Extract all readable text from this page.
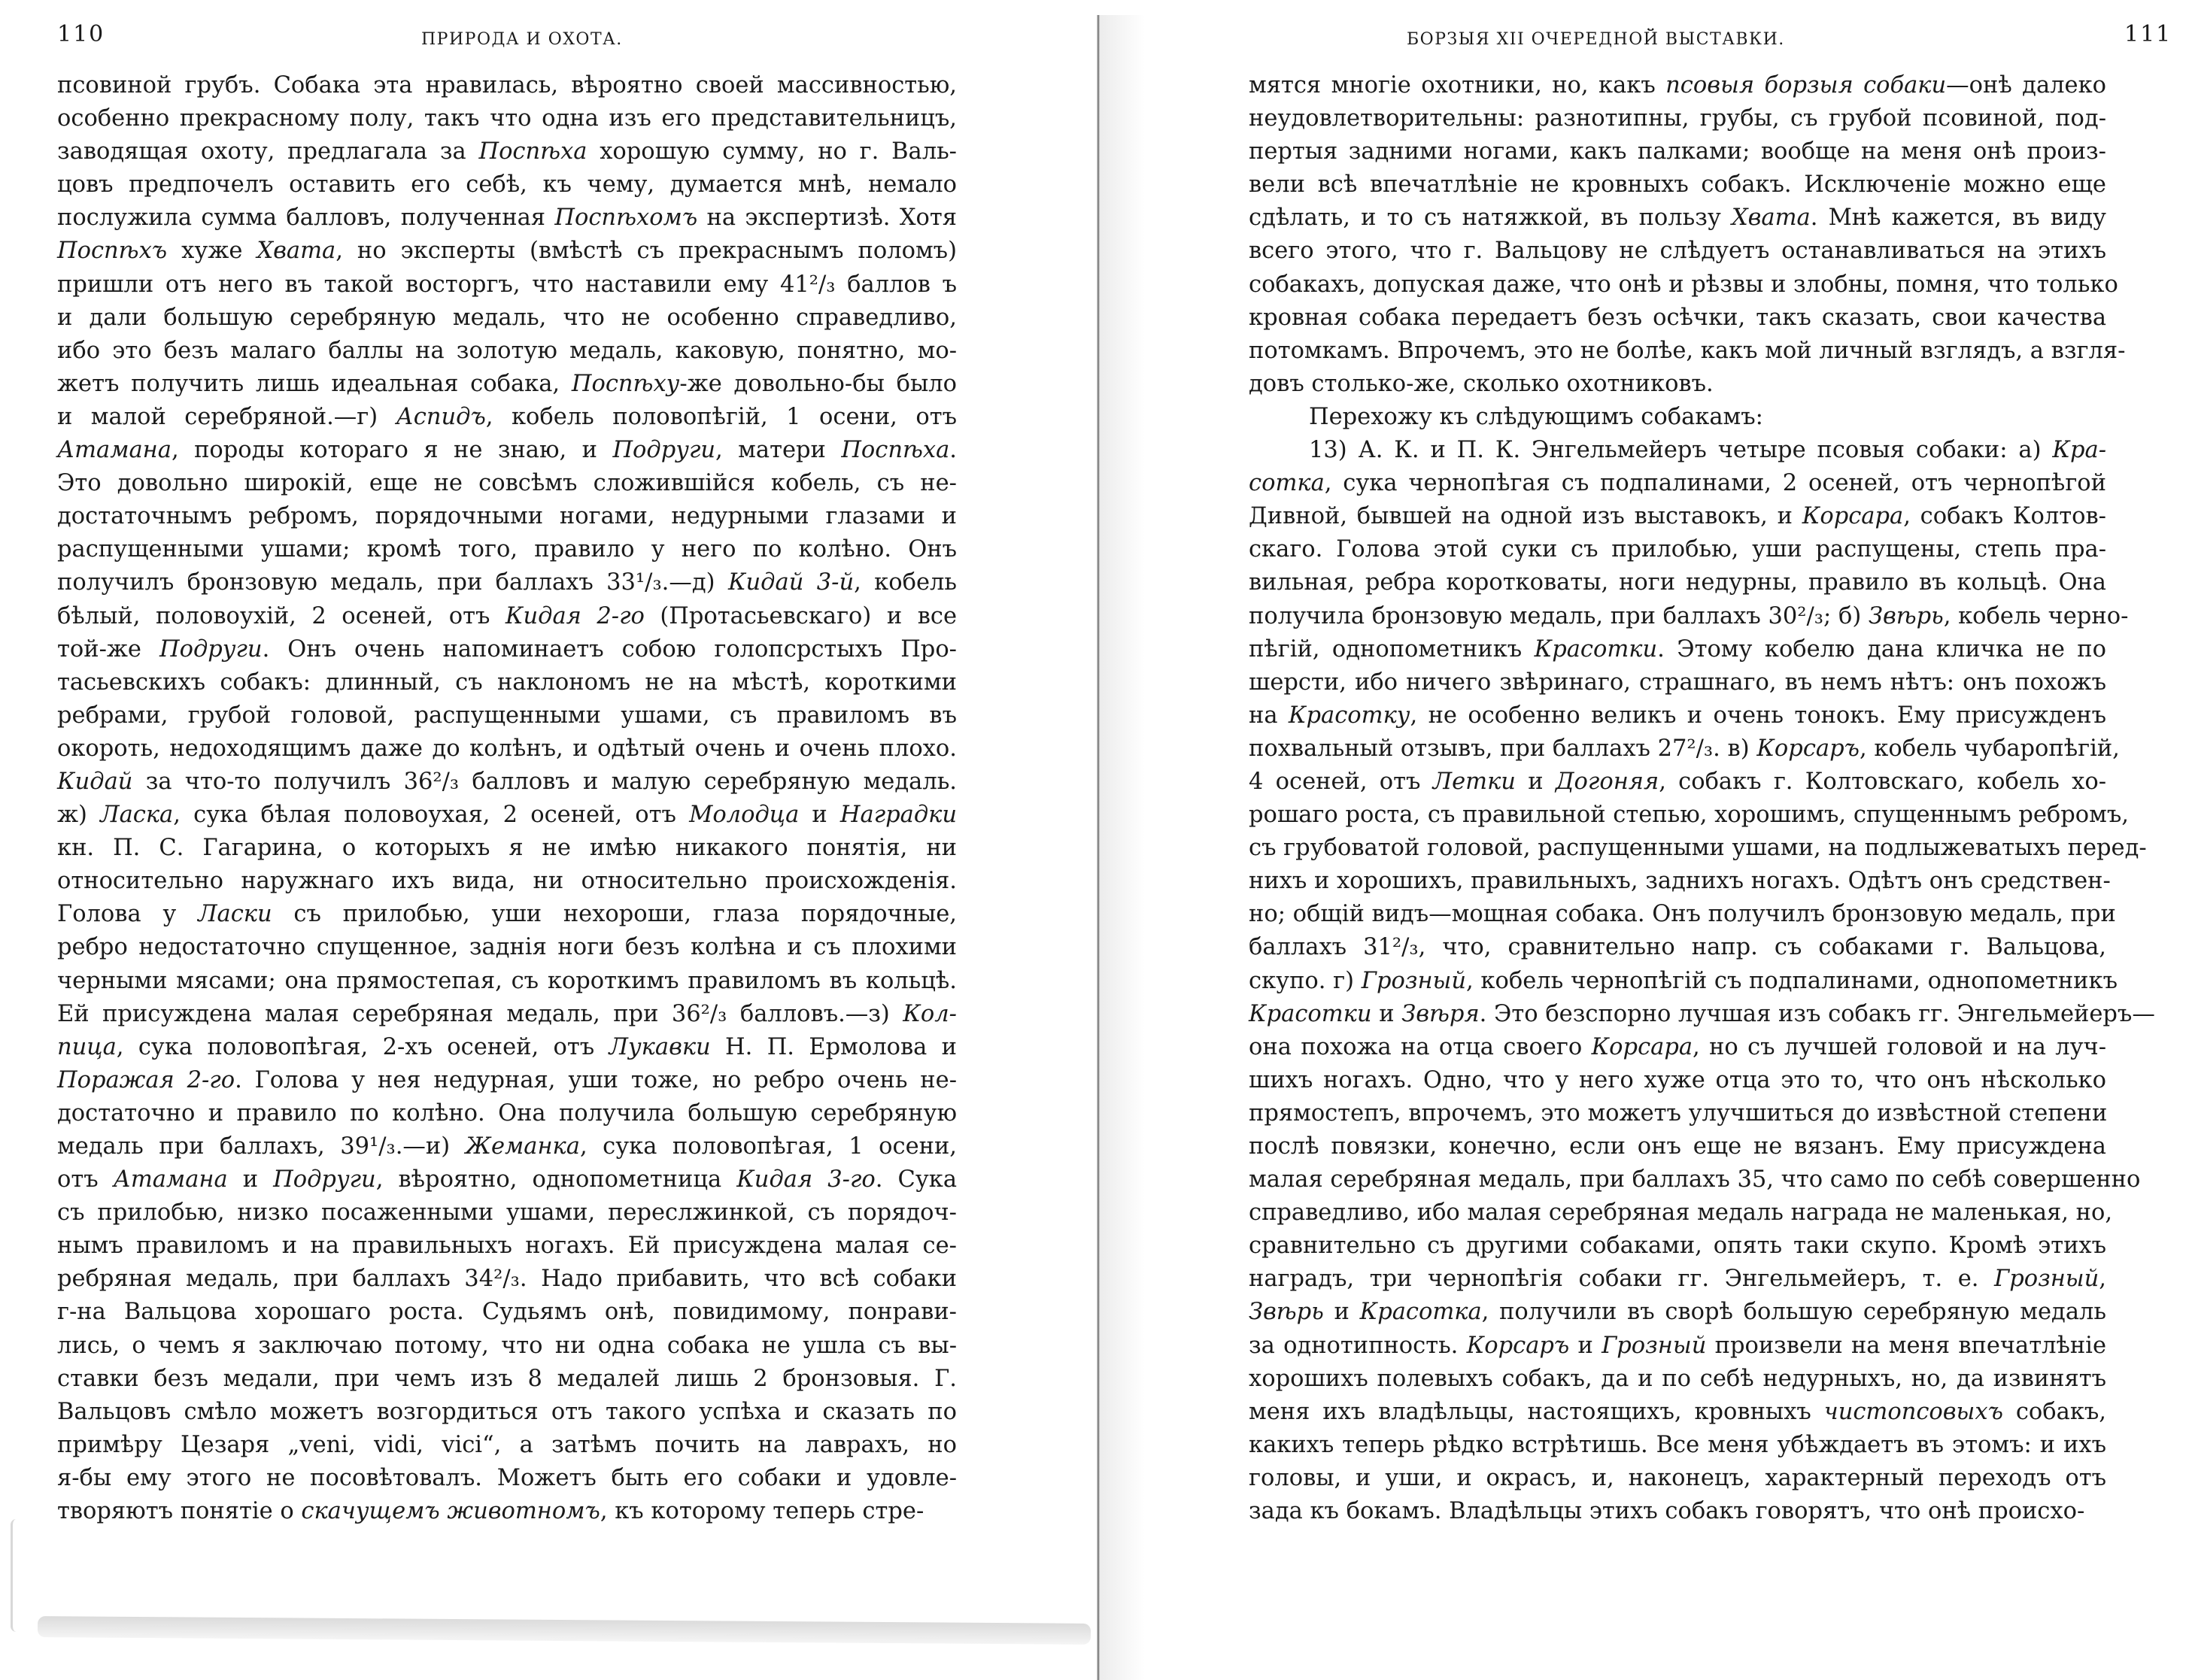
110	ПРИРОДА И ОХОТА.
псовиной грубъ. Собака эта нравилась, вѣроятно своей массивностью,
особенно прекрасному полу, такъ что одна изъ его представительницъ,
заводящая охоту, предлагала за Поспѣха хорошую сумму, но г. Валь-
цовъ предпочелъ оставить его себѣ, къ чему, думается мнѣ, немало
послужила сумма балловъ, полученная Поспѣхомъ на экспертизѣ. Хотя
Поспѣхъ хуже Хвата, но эксперты (вмѣстѣ съ прекраснымъ поломъ)
пришли отъ него въ такой восторгъ, что наставили ему 41²/₃ баллов ъ
и дали большую серебряную медаль, что не особенно справедливо,
ибо это безъ малаго баллы на золотую медаль, каковую, понятно, мо-
жетъ получить лишь идеальная собака, Поспѣху-же довольно-бы было
и малой серебряной.—г) Аспидъ, кобель половопѣгій, 1 осени, отъ
Атамана, породы котораго я не знаю, и Подруги, матери Поспѣха.
Это довольно широкій, еще не совсѣмъ сложившійся кобель, съ не-
достаточнымъ ребромъ, порядочными ногами, недурными глазами и
распущенными ушами; кромѣ того, правило у него по колѣно. Онъ
получилъ бронзовую медаль, при баллахъ 33¹/₃.—д) Кидай 3-й, кобель
бѣлый, половоухій, 2 осеней, отъ Кидая 2-го (Протасьевскаго) и все
той-же Подруги. Онъ очень напоминаетъ собою голопсрстыхъ Про-
тасьевскихъ собакъ: длинный, съ наклономъ не на мѣстѣ, короткими
ребрами, грубой головой, распущенными ушами, съ правиломъ въ
окороть, недоходящимъ даже до колѣнъ, и одѣтый очень и очень плохо.
Кидай за что-то получилъ 36²/₃ балловъ и малую серебряную медаль.
ж) Ласка, сука бѣлая половоухая, 2 осеней, отъ Молодца и Наградки
кн. П. С. Гагарина, о которыхъ я не имѣю никакого понятія, ни
относительно наружнаго ихъ вида, ни относительно происхожденія.
Голова у Ласки съ прилобью, уши нехороши, глаза порядочные,
ребро недостаточно спущенное, заднія ноги безъ колѣна и съ плохими
черными мясами; она прямостепая, съ короткимъ правиломъ въ кольцѣ.
Ей присуждена малая серебряная медаль, при 36²/₃ балловъ.—з) Кол-
пица, сука половопѣгая, 2-хъ осеней, отъ Лукавки Н. П. Ермолова и
Поражая 2-го. Голова у нея недурная, уши тоже, но ребро очень не-
достаточно и правило по колѣно. Она получила большую серебряную
медаль при баллахъ, 39¹/₃.—и) Жеманка, сука половопѣгая, 1 осени,
отъ Атамана и Подруги, вѣроятно, однопометница Кидая 3-го. Сука
съ прилобью, низко посаженными ушами, переслжинкой, съ порядоч-
нымъ правиломъ и на правильныхъ ногахъ. Ей присуждена малая се-
ребряная медаль, при баллахъ 34²/₃. Надо прибавить, что всѣ собаки
г-на Вальцова хорошаго роста. Судьямъ онѣ, повидимому, понрави-
лись, о чемъ я заключаю потому, что ни одна собака не ушла съ вы-
ставки безъ медали, при чемъ изъ 8 медалей лишь 2 бронзовыя. Г.
Вальцовъ смѣло можетъ возгордиться отъ такого успѣха и сказать по
примѣру Цезаря „veni, vidi, vici“, а затѣмъ почить на лаврахъ, но
я-бы ему этого не посовѣтовалъ. Можетъ быть его собаки и удовле-
творяютъ понятіе о скачущемъ животномъ, къ которому теперь стре-
БОРЗЫЯ XII ОЧЕРЕДНОЙ ВЫСТАВКИ.	111
мятся многіе охотники, но, какъ псовыя борзыя собаки—онѣ далеко
неудовлетворительны: разнотипны, грубы, съ грубой псовиной, под-
пертыя задними ногами, какъ палками; вообще на меня онѣ произ-
вели всѣ впечатлѣніе не кровныхъ собакъ. Исключеніе можно еще
сдѣлать, и то съ натяжкой, въ пользу Хвата. Мнѣ кажется, въ виду
всего этого, что г. Вальцову не слѣдуетъ останавливаться на этихъ
собакахъ, допуская даже, что онѣ и рѣзвы и злобны, помня, что только
кровная собака передаетъ безъ осѣчки, такъ сказать, свои качества
потомкамъ. Впрочемъ, это не болѣе, какъ мой личный взглядъ, а взгля-
довъ столько-же, сколько охотниковъ.
Перехожу къ слѣдующимъ собакамъ:
13) А. К. и П. К. Энгельмейеръ четыре псовыя собаки: а) Кра-
сотка, сука чернопѣгая съ подпалинами, 2 осеней, отъ чернопѣгой
Дивной, бывшей на одной изъ выставокъ, и Корсара, собакъ Колтов-
скаго. Голова этой суки съ прилобью, уши распущены, степь пра-
вильная, ребра коротковаты, ноги недурны, правило въ кольцѣ. Она
получила бронзовую медаль, при баллахъ 30²/₃; б) Звѣрь, кобель черно-
пѣгій, однопометникъ Красотки. Этому кобелю дана кличка не по
шерсти, ибо ничего звѣринаго, страшнаго, въ немъ нѣтъ: онъ похожъ
на Красотку, не особенно великъ и очень тонокъ. Ему присужденъ
похвальный отзывъ, при баллахъ 27²/₃. в) Корсаръ, кобель чубаропѣгій,
4 осеней, отъ Летки и Догоняя, собакъ г. Колтовскаго, кобель хо-
рошаго роста, съ правильной степью, хорошимъ, спущеннымъ ребромъ,
съ грубоватой головой, распущенными ушами, на подлыжеватыхъ перед-
нихъ и хорошихъ, правильныхъ, заднихъ ногахъ. Одѣтъ онъ средствен-
но; общій видъ—мощная собака. Онъ получилъ бронзовую медаль, при
баллахъ 31²/₃, что, сравнительно напр. съ собаками г. Вальцова,
скупо. г) Грозный, кобель чернопѣгій съ подпалинами, однопометникъ
Красотки и Звѣря. Это безспорно лучшая изъ собакъ гг. Энгельмейеръ—
она похожа на отца своего Корсара, но съ лучшей головой и на луч-
шихъ ногахъ. Одно, что у него хуже отца это то, что онъ нѣсколько
прямостепъ, впрочемъ, это можетъ улучшиться до извѣстной степени
послѣ повязки, конечно, если онъ еще не вязанъ. Ему присуждена
малая серебряная медаль, при баллахъ 35, что само по себѣ совершенно
справедливо, ибо малая серебряная медаль награда не маленькая, но,
сравнительно съ другими собаками, опять таки скупо. Кромѣ этихъ
наградъ, три чернопѣгія собаки гг. Энгельмейеръ, т. е. Грозный,
Звѣрь и Красотка, получили въ сворѣ большую серебряную медаль
за однотипность. Корсаръ и Грозный произвели на меня впечатлѣніе
хорошихъ полевыхъ собакъ, да и по себѣ недурныхъ, но, да извинятъ
меня ихъ владѣльцы, настоящихъ, кровныхъ чистопсовыхъ собакъ,
какихъ теперь рѣдко встрѣтишь. Все меня убѣждаетъ въ этомъ: и ихъ
головы, и уши, и окрасъ, и, наконецъ, характерный переходъ отъ
зада къ бокамъ. Владѣльцы этихъ собакъ говорятъ, что онѣ происхо-
